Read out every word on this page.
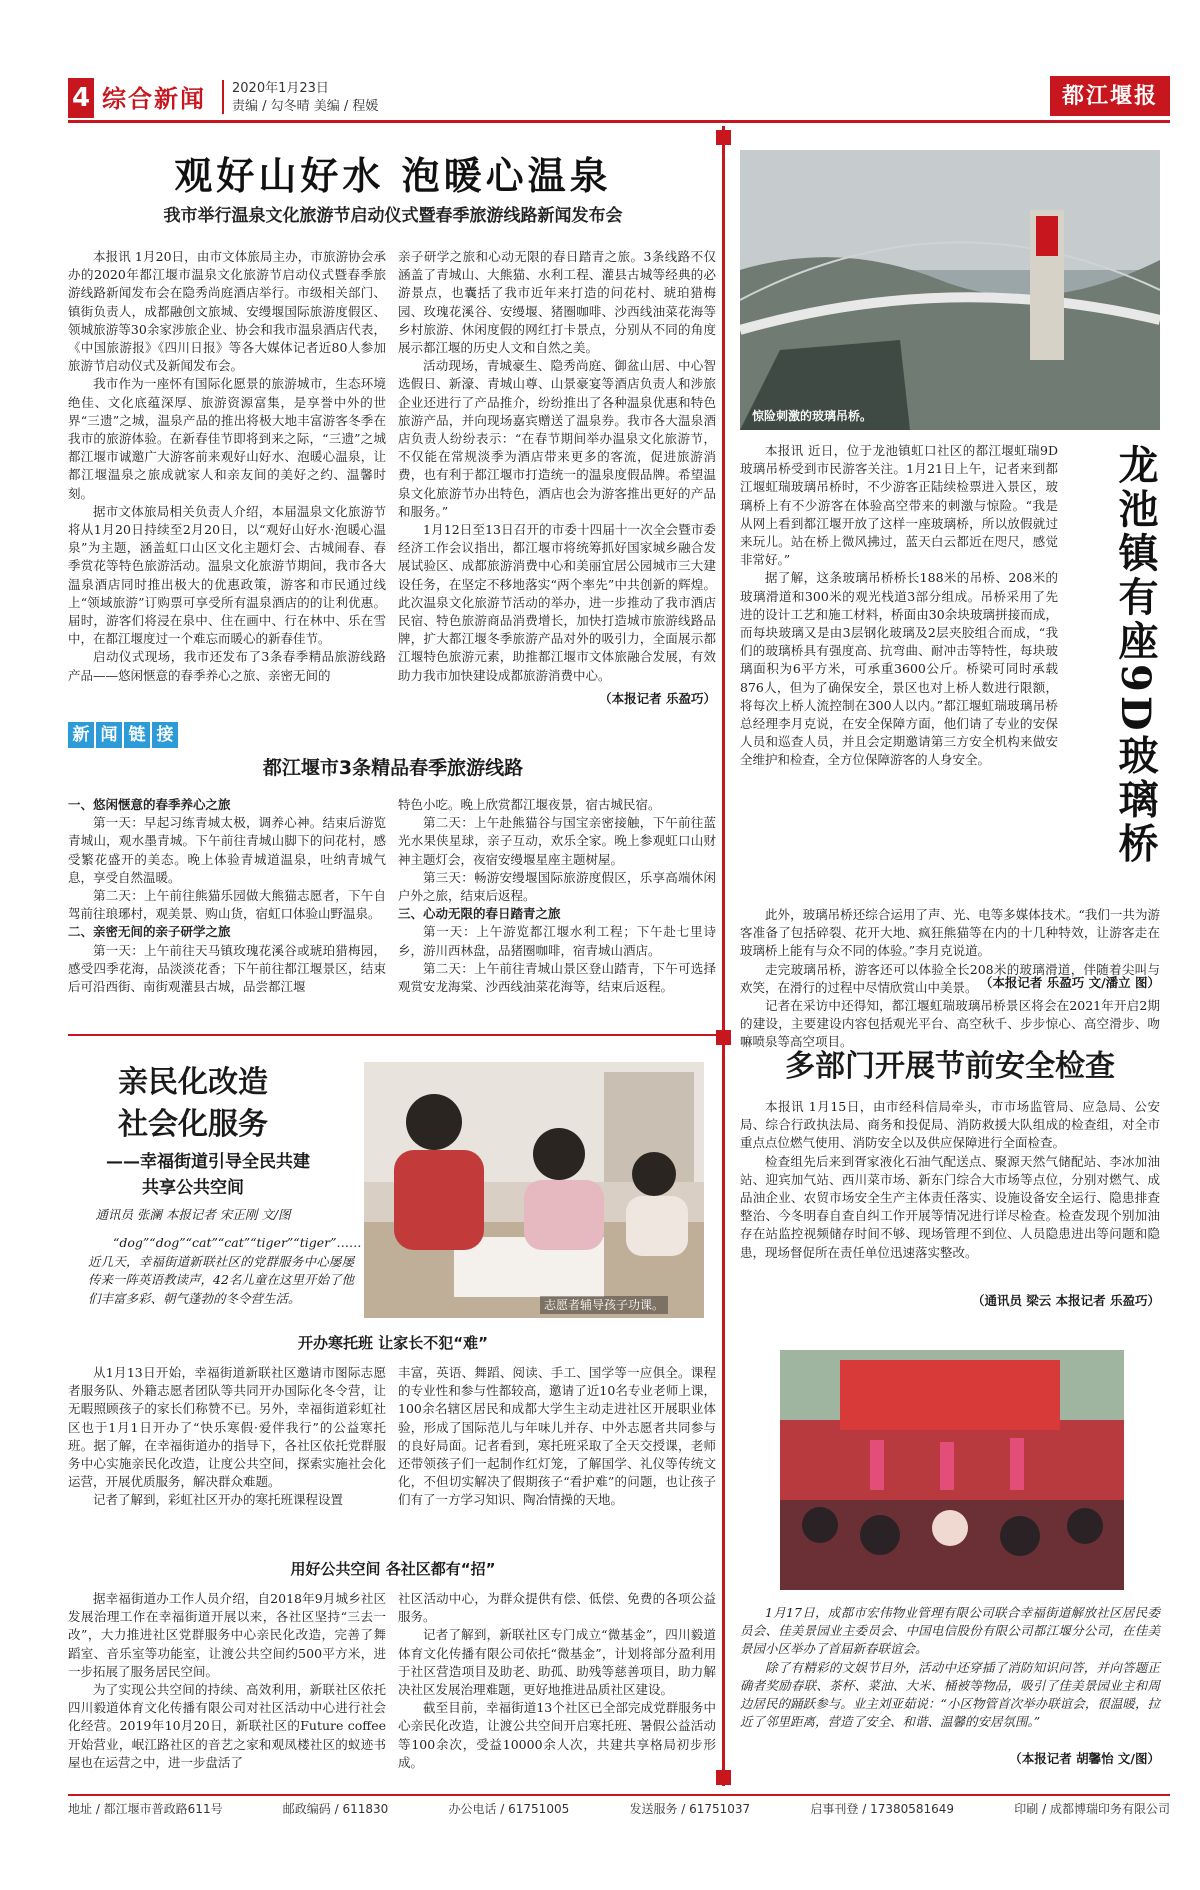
4 综合新闻 2020年1月23日
责编 / 勾冬晴 美编 / 程媛	都江堰报
观好山好水 泡暖心温泉
我市举行温泉文化旅游节启动仪式暨春季旅游线路新闻发布会

本报讯 1月20日，由市文体旅局主办，市旅游协会承办的2020年都江堰市温泉文化旅游节启动仪式暨春季旅游线路新闻发布会在隐秀尚庭酒店举行。市级相关部门、镇街负责人，成都融创文旅城、安缦堰国际旅游度假区、领城旅游等30余家涉旅企业、协会和我市温泉酒店代表，《中国旅游报》《四川日报》等各大媒体记者近80人参加旅游节启动仪式及新闻发布会。

我市作为一座怀有国际化愿景的旅游城市，生态环境绝佳、文化底蕴深厚、旅游资源富集，是享誉中外的世界“三遗”之城，温泉产品的推出将极大地丰富游客冬季在我市的旅游体验。在新春佳节即将到来之际，“三遗”之城都江堰市诚邀广大游客前来观好山好水、泡暖心温泉，让都江堰温泉之旅成就家人和亲友间的美好之约、温馨时刻。

据市文体旅局相关负责人介绍，本届温泉文化旅游节将从1月20日持续至2月20日，以“观好山好水·泡暖心温泉”为主题，涵盖虹口山区文化主题灯会、古城闹春、春季赏花等特色旅游活动。温泉文化旅游节期间，我市各大温泉酒店同时推出极大的优惠政策，游客和市民通过线上“领域旅游”订购票可享受所有温泉酒店的的让利优惠。届时，游客们将浸在泉中、住在画中、行在林中、乐在雪中，在都江堰度过一个难忘而暖心的新春佳节。

启动仪式现场，我市还发布了3条春季精品旅游线路产品——悠闲惬意的春季养心之旅、亲密无间的

亲子研学之旅和心动无限的春日踏青之旅。3条线路不仅涵盖了青城山、大熊猫、水利工程、灌县古城等经典的必游景点，也囊括了我市近年来打造的问花村、琥珀猎梅园、玫瑰花溪谷、安缦堰、猪圈咖啡、沙西线油菜花海等乡村旅游、休闲度假的网红打卡景点，分别从不同的角度展示都江堰的历史人文和自然之美。

活动现场，青城豪生、隐秀尚庭、御盆山居、中心智选假日、新濠、青城山尊、山景豪宴等酒店负责人和涉旅企业还进行了产品推介，纷纷推出了各种温泉优惠和特色旅游产品，并向现场嘉宾赠送了温泉券。我市各大温泉酒店负责人纷纷表示：“在春节期间举办温泉文化旅游节，不仅能在常规淡季为酒店带来更多的客流，促进旅游消费，也有利于都江堰市打造统一的温泉度假品牌。希望温泉文化旅游节办出特色，酒店也会为游客推出更好的产品和服务。”

1月12日至13日召开的市委十四届十一次全会暨市委经济工作会议指出，都江堰市将统筹抓好国家城乡融合发展试验区、成都旅游消费中心和美丽宜居公园城市三大建设任务，在坚定不移地落实“两个率先”中共创新的辉煌。此次温泉文化旅游节活动的举办，进一步推动了我市酒店民宿、特色旅游商品消费增长，加快打造城市旅游线路品牌，扩大都江堰冬季旅游产品对外的吸引力，全面展示都江堰特色旅游元素，助推都江堰市文体旅融合发展，有效助力我市加快建设成都旅游消费中心。

（本报记者 乐盈巧）
新 闻 链 接
都江堰市3条精品春季旅游线路

一、悠闲惬意的春季养心之旅

第一天：早起习练青城太极，调养心神。结束后游览青城山，观水墨青城。下午前往青城山脚下的问花村，感受繁花盛开的美态。晚上体验青城道温泉，吐纳青城气息，享受自然温暖。

第二天：上午前往熊猫乐园做大熊猫志愿者，下午自驾前往琅琊村，观美景、购山货，宿虹口体验山野温泉。

二、亲密无间的亲子研学之旅

第一天：上午前往天马镇玫瑰花溪谷或琥珀猎梅园，感受四季花海，品淡淡花香；下午前往都江堰景区，结束后可沿西街、南街观灌县古城，品尝都江堰

特色小吃。晚上欣赏都江堰夜景，宿古城民宿。

第二天：上午赴熊猫谷与国宝亲密接触，下午前往蓝光水果侠星球，亲子互动，欢乐全家。晚上参观虹口山财神主题灯会，夜宿安缦堰星座主题树屋。

第三天：畅游安缦堰国际旅游度假区，乐享高端休闲户外之旅，结束后返程。

三、心动无限的春日踏青之旅

第一天：上午游览都江堰水利工程；下午赴七里诗乡，游川西林盘，品猪圈咖啡，宿青城山酒店。

第二天：上午前往青城山景区登山踏青，下午可选择观赏安龙海棠、沙西线油菜花海等，结束后返程。

亲民化改造
社会化服务
——幸福街道引导全民共建
共享公共空间
通讯员 张澜 本报记者 宋正刚 文/图
“dog”“dog”“cat”“cat”“tiger”“tiger”……近几天，幸福街道新联社区的党群服务中心屡屡传来一阵英语教读声，42名儿童在这里开始了他们丰富多彩、朝气蓬勃的冬令营生活。	志愿者辅导孩子功课。
开办寒托班 让家长不犯“难”

从1月13日开始，幸福街道新联社区邀请市图际志愿者服务队、外籍志愿者团队等共同开办国际化冬令营，让无暇照顾孩子的家长们称赞不已。另外，幸福街道彩虹社区也于1月1日开办了“快乐寒假·爱伴我行”的公益寒托班。据了解，在幸福街道办的指导下，各社区依托党群服务中心实施亲民化改造，让度公共空间，探索实施社会化运营，开展优质服务，解决群众难题。

记者了解到，彩虹社区开办的寒托班课程设置

丰富，英语、舞蹈、阅读、手工、国学等一应俱全。课程的专业性和参与性都较高，邀请了近10名专业老师上课，100余名辖区居民和成都大学生主动走进社区开展职业体验，形成了国际范儿与年味儿并存、中外志愿者共同参与的良好局面。记者看到，寒托班采取了全天交授课，老师还带领孩子们一起制作红灯笼，了解国学、礼仪等传统文化，不但切实解决了假期孩子“看护难”的问题，也让孩子们有了一方学习知识、陶冶情操的天地。

用好公共空间 各社区都有“招”

据幸福街道办工作人员介绍，自2018年9月城乡社区发展治理工作在幸福街道开展以来，各社区坚持“三去一改”，大力推进社区党群服务中心亲民化改造，完善了舞蹈室、音乐室等功能室，让渡公共空间约500平方米，进一步拓展了服务居民空间。

为了实现公共空间的持续、高效利用，新联社区依托四川毅道体育文化传播有限公司对社区活动中心进行社会化经营。2019年10月20日，新联社区的Future coffee开始营业，岷江路社区的音艺之家和观凤楼社区的蚁迹书屋也在运营之中，进一步盘活了

社区活动中心，为群众提供有偿、低偿、免费的各项公益服务。

记者了解到，新联社区专门成立“微基金”，四川毅道体育文化传播有限公司依托“微基金”，计划将部分盈利用于社区营造项目及助老、助孤、助残等慈善项目，助力解决社区发展治理难题，更好地推进品质社区建设。

截至目前，幸福街道13个社区已全部完成党群服务中心亲民化改造，让渡公共空间开启寒托班、暑假公益活动等100余次，受益10000余人次，共建共享格局初步形成。

惊险刺激的玻璃吊桥。
龙池镇有座9D玻璃桥

本报讯 近日，位于龙池镇虹口社区的都江堰虹瑞9D玻璃吊桥受到市民游客关注。1月21日上午，记者来到都江堰虹瑞玻璃吊桥时，不少游客正陆续检票进入景区，玻璃桥上有不少游客在体验高空带来的刺激与惊险。“我是从网上看到都江堰开放了这样一座玻璃桥，所以放假就过来玩儿。站在桥上微风拂过，蓝天白云都近在咫尺，感觉非常好。”

据了解，这条玻璃吊桥桥长188米的吊桥、208米的玻璃滑道和300米的观光栈道3部分组成。吊桥采用了先进的设计工艺和施工材料，桥面由30余块玻璃拼接而成，而每块玻璃又是由3层钢化玻璃及2层夹胶组合而成，“我们的玻璃桥具有强度高、抗弯曲、耐冲击等特性，每块玻璃面积为6平方米，可承重3600公斤。桥梁可同时承载876人，但为了确保安全，景区也对上桥人数进行限额，将每次上桥人流控制在300人以内。”都江堰虹瑞玻璃吊桥总经理李月克说，在安全保障方面，他们请了专业的安保人员和巡查人员，并且会定期邀请第三方安全机构来做安全维护和检查，全方位保障游客的人身安全。

此外，玻璃吊桥还综合运用了声、光、电等多媒体技术。“我们一共为游客准备了包括碎裂、花开大地、疯狂熊猫等在内的十几种特效，让游客走在玻璃桥上能有与众不同的体验。”李月克说道。

走完玻璃吊桥，游客还可以体验全长208米的玻璃滑道，伴随着尖叫与欢笑，在滑行的过程中尽情欣赏山中美景。

记者在采访中还得知，都江堰虹瑞玻璃吊桥景区将会在2021年开启2期的建设，主要建设内容包括观光平台、高空秋千、步步惊心、高空滑步、吻嘛喷泉等高空项目。

（本报记者 乐盈巧 文/潘立 图）
多部门开展节前安全检查

本报讯 1月15日，由市经科信局牵头，市市场监管局、应急局、公安局、综合行政执法局、商务和投促局、消防救援大队组成的检查组，对全市重点点位燃气使用、消防安全以及供应保障进行全面检查。

检查组先后来到胥家液化石油气配送点、聚源天然气储配站、李冰加油站、迎宾加气站、西川菜市场、新东门综合大市场等点位，分别对燃气、成品油企业、农贸市场安全生产主体责任落实、设施设备安全运行、隐患排查整治、今冬明春自查自纠工作开展等情况进行详尽检查。检查发现个别加油存在站监控视频储存时间不够、现场管理不到位、人员隐患进出等问题和隐患，现场督促所在责任单位迅速落实整改。

（通讯员 梁云 本报记者 乐盈巧）

1月17日，成都市宏伟物业管理有限公司联合幸福街道解放社区居民委员会、佳美景园业主委员会、中国电信股份有限公司都江堰分公司，在佳美景园小区举办了首届新春联谊会。

除了有精彩的文娱节目外，活动中还穿插了消防知识问答，并向答题正确者奖励春联、茶杯、菜油、大米、桶被等物品，吸引了佳美景园业主和周边居民的踊跃参与。业主刘亚茹说：“小区物管首次举办联谊会，很温暖，拉近了邻里距离，营造了安全、和谐、温馨的安居氛围。”

（本报记者 胡馨怡 文/图）
地址 / 都江堰市普政路611号	邮政编码 / 611830	办公电话 / 61751005	发送服务 / 61751037	启事刊登 / 17380581649	印刷 / 成都博瑞印务有限公司
